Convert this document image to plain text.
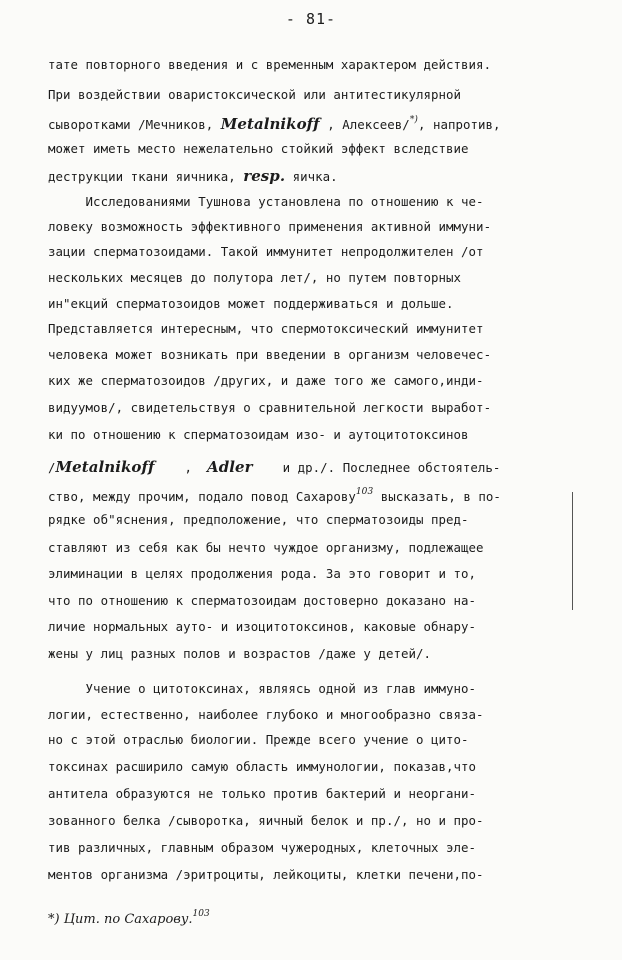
- 81-
тате повторного введения и с временным характером действия.
При воздействии оваристоксической или антитестикулярной
сыворотками /Мечников, Metalnikoff , Алексеев/*), напротив,
может иметь место нежелательно стойкий эффект вследствие
деструкции ткани яичника, resp. яичка.
Исследованиями Тушнова установлена по отношению к че-
ловеку возможность эффективного применения активной иммуни-
зации сперматозоидами. Такой иммунитет непродолжителен /от
нескольких месяцев до полутора лет/, но путем повторных
ин"екций сперматозоидов может поддерживаться и дольше.
Представляется интересным, что спермотоксический иммунитет
человека может возникать при введении в организм человечес-
ких же сперматозоидов /других, и даже того же самого,инди-
видуумов/, свидетельствуя о сравнительной легкости выработ-
ки по отношению к сперматозоидам изо- и аутоцитотоксинов
/Metalnikoff    ,  Adler    и др./. Последнее обстоятель-
ство, между прочим, подало повод Сахарову$^{103}$ высказать, в по-
рядке об"яснения, предположение, что сперматозоиды пред-
ставляют из себя как бы нечто чуждое организму, подлежащее
элиминации в целях продолжения рода. За это говорит и то,
что по отношению к сперматозоидам достоверно доказано на-
личие нормальных ауто- и изоцитотоксинов, каковые обнару-
жены у лиц разных полов и возрастов /даже у детей/.
Учение о цитотоксинах, являясь одной из глав иммуно-
логии, естественно, наиболее глубоко и многообразно связа-
но с этой отраслью биологии. Прежде всего учение о цито-
токсинах расширило самую область иммунологии, показав,что
антитела образуются не только против бактерий и неоргани-
зованного белка /сыворотка, яичный белок и пр./, но и про-
тив различных, главным образом чужеродных, клеточных эле-
ментов организма /эритроциты, лейкоциты, клетки печени,по-
*) Цит. по Сахарову.$^{103}$
